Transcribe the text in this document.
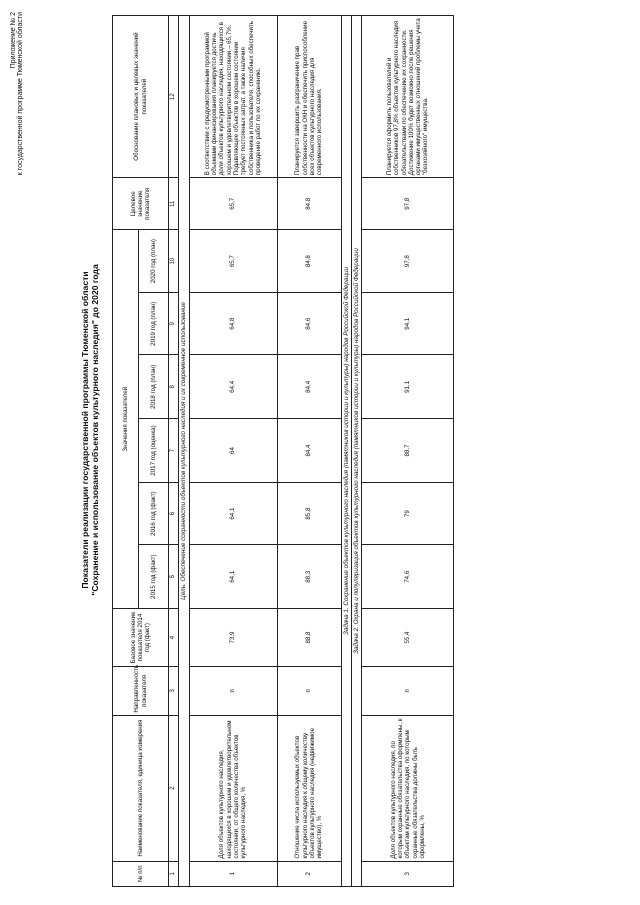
Приложение № 2 к государственной программе Тюменской области
Показатели реализации государственной программы Тюменской области "Сохранение и использование объектов культурного наследия" до 2020 года
№ п/п	Наименование показателя, единица измерения	Направленность показателя	Базовое значение показателя 2014 год (факт)	Значения показателей						Целевое значение показателя	Обоснование плановых и целевых значений показателей
				2015 год (факт)	2016 год (факт)	2017 год (оценка)	2018 год (план)	2019 год (план)	2020 год (план)		
1	2	3	4	5	6	7	8	9	10	11	12
Цель. Обеспечение сохранности объектов культурного наследия и их современное использование											
1	Доля объектов культурного наследия, находящихся в хорошем и удовлетворительном состоянии, от общего количества объектов культурного наследия, %	п	73,9	64,1	64,1	64	64,4	64,8	65,7	65,7	В соответствии с предусмотренными программой объемами финансирования планируется достичь доли объектов культурного наследия, находящихся в хорошем и удовлетворительном состоянии – 65,7%. Подавляющее объектов в хорошем состоянии требует постоянных затрат, а также наличия собственника и пользователя, способных обеспечить проведение работ по их сохранению.
2	Отношение числа используемых объектов культурного наследия к общему количеству объектов культурного наследия (недвижимое имущество), %	п	88,8	88,3	85,8	84,4	84,4	84,6	84,8	84,8	Планируется завершить разграничение прав собственности на ОКН и обеспечить приспособление всех объектов культурного наследия для современного использования.
Задача 1. Сохранение объектов культурного наследия (памятников истории и культуры) народов Российской Федерации											
Задача 2. Охрана и популяризация объектов культурного наследия (памятников истории и культуры) народов Российской Федерации											
3	Доля объектов культурного наследия, по которым охранные обязательства оформлены, к объектам культурного наследия, по которым охранные обязательства должны быть оформлены, %	п	55,4	74,6	79	88,7	91,1	94,1	97,8	97,8	Планируется оформить пользователей и собственников 97,8% объектов культурного наследия обязательствами по обеспечению их сохранности. Достижение 100% будет возможно после решения органами имущественных отношений проблемы учета "безхозяйного" имущества.
